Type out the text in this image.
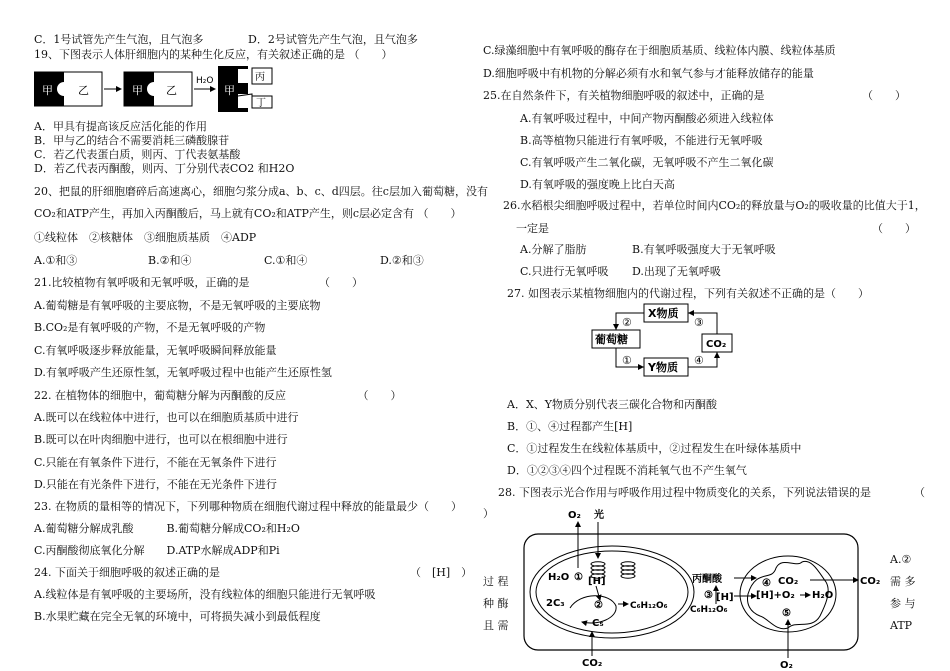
C．1号试管先产生气泡，且气泡多	D．2号试管先产生气泡，且气泡多
19、下图表示人体肝细胞内的某种生化反应，有关叙述正确的是 （　　）
甲 乙	甲 乙
H₂O
甲
丙
丁
A．甲具有提高该反应活化能的作用
B．甲与乙的结合不需要消耗三磷酸腺苷
C．若乙代表蛋白质，则丙、丁代表氨基酸
D．若乙代表丙酮酸，则丙、丁分别代表CO2 和H2O
20、把鼠的肝细胞磨碎后高速离心，细胞匀浆分成a、b、c、d四层。往c层加入葡萄糖，没有
CO₂和ATP产生，再加入丙酮酸后，马上就有CO₂和ATP产生，则c层必定含有 （　　）
①线粒体　②核糖体　③细胞质基质　④ADP
A.①和③	B.②和④	C.①和④	D.②和③
21.比较植物有氧呼吸和无氧呼吸，正确的是　　　　　　 （　　）
A.葡萄糖是有氧呼吸的主要底物，不是无氧呼吸的主要底物
B.CO₂是有氧呼吸的产物，不是无氧呼吸的产物
C.有氧呼吸逐步释放能量，无氧呼吸瞬间释放能量
D.有氧呼吸产生还原性氢，无氧呼吸过程中也能产生还原性氢
22. 在植物体的细胞中，葡萄糖分解为丙酮酸的反应　　　　　　　（　　）
A.既可以在线粒体中进行，也可以在细胞质基质中进行
B.既可以在叶肉细胞中进行，也可以在根细胞中进行
C.只能在有氧条件下进行，不能在无氧条件下进行
D.只能在有光条件下进行，不能在无光条件下进行
23. 在物质的量相等的情况下，下列哪种物质在细胞代谢过程中释放的能量最少（　　）
A.葡萄糖分解成乳酸　　　B.葡萄糖分解成CO₂和H₂O
C.丙酮酸彻底氧化分解　　D.ATP水解成ADP和Pi
24. 下面关于细胞呼吸的叙述正确的是	（　[H]　）
A.线粒体是有氧呼吸的主要场所，没有线粒体的细胞只能进行无氧呼吸
B.水果贮藏在完全无氧的环境中，可将损失减小到最低程度
C.绿藻细胞中有氧呼吸的酶存在于细胞质基质、线粒体内膜、线粒体基质
D.细胞呼吸中有机物的分解必须有水和氧气参与才能释放储存的能量
25.在自然条件下，有关植物细胞呼吸的叙述中，正确的是	（　　）
A.有氧呼吸过程中，中间产物丙酮酸必须进入线粒体
B.高等植物只能进行有氧呼吸，不能进行无氧呼吸
C.有氧呼吸产生二氧化碳，无氧呼吸不产生二氧化碳
D.有氧呼吸的强度晚上比白天高
26.水稻根尖细胞呼吸过程中，若单位时间内CO₂的释放量与O₂的吸收量的比值大于1，
一定是	（　　）
A.分解了脂肪	B.有氧呼吸强度大于无氧呼吸
C.只进行无氧呼吸 D.出现了无氧呼吸
27. 如图表示某植物细胞内的代谢过程，下列有关叙述不正确的是（　　）
X物质
葡萄糖	CO₂
Y物质
②
①
③
④
A．X、Y物质分别代表三碳化合物和丙酮酸
B．①、④过程都产生[H]
C．①过程发生在线粒体基质中，②过程发生在叶绿体基质中
D．①②③④四个过程既不消耗氧气也不产生氧气
28. 下图表示光合作用与呼吸作用过程中物质变化的关系，下列说法错误的是	（
）
过 程
种 酶
且 需
A.②
需 多
参 与
ATP
O₂ 光
H₂O ① [H]
2C₃	②
C₅
C₆H₁₂O₆
CO₂
丙酮酸
③
C₆H₁₂O₆
[H]
④ CO₂
[H]+O₂ H₂O
⑤
O₂
CO₂
